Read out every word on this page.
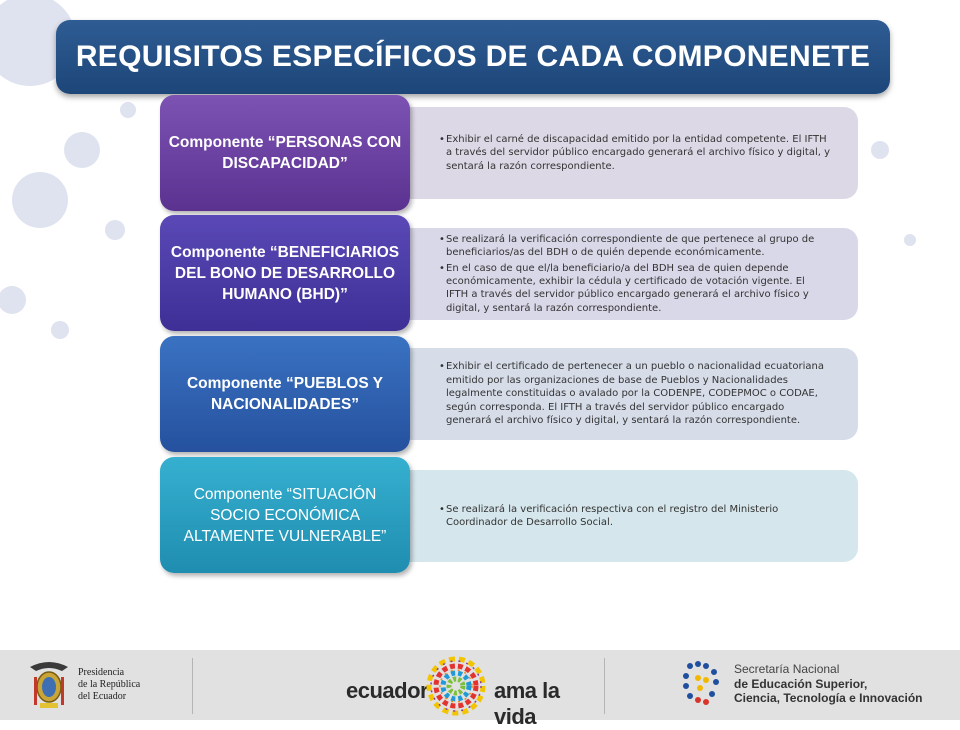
REQUISITOS ESPECÍFICOS DE CADA COMPONENETE
• Exhibir el carné de discapacidad emitido por la entidad competente. El IFTH a través del servidor público encargado generará el archivo físico y digital, y sentará la razón correspondiente.
Componente “PERSONAS CON DISCAPACIDAD”
• Se realizará la verificación correspondiente de que pertenece al grupo de beneficiarios/as del BDH o de quién depende económicamente.
• En el caso de que el/la beneficiario/a del BDH sea de quien depende económicamente, exhibir la cédula y certificado de votación vigente. El IFTH a través del servidor público encargado generará el archivo físico y digital, y sentará la razón correspondiente.
Componente “BENEFICIARIOS DEL BONO DE DESARROLLO HUMANO (BHD)”
• Exhibir el certificado de pertenecer a un pueblo o nacionalidad ecuatoriana emitido por las organizaciones de base de Pueblos y Nacionalidades legalmente constituidas o avalado por la CODENPE, CODEPMOC o CODAE, según corresponda. El IFTH a través del servidor público encargado generará el archivo físico y digital, y sentará la razón correspondiente.
Componente “PUEBLOS Y NACIONALIDADES”
• Se realizará la verificación respectiva con el registro del Ministerio Coordinador de Desarrollo Social.
Componente “SITUACIÓN SOCIO ECONÓMICA ALTAMENTE VULNERABLE”
Presidencia
de la República
del Ecuador	ecuador	ama la vida
Secretaría Nacional
de Educación Superior,
Ciencia, Tecnología e Innovación
